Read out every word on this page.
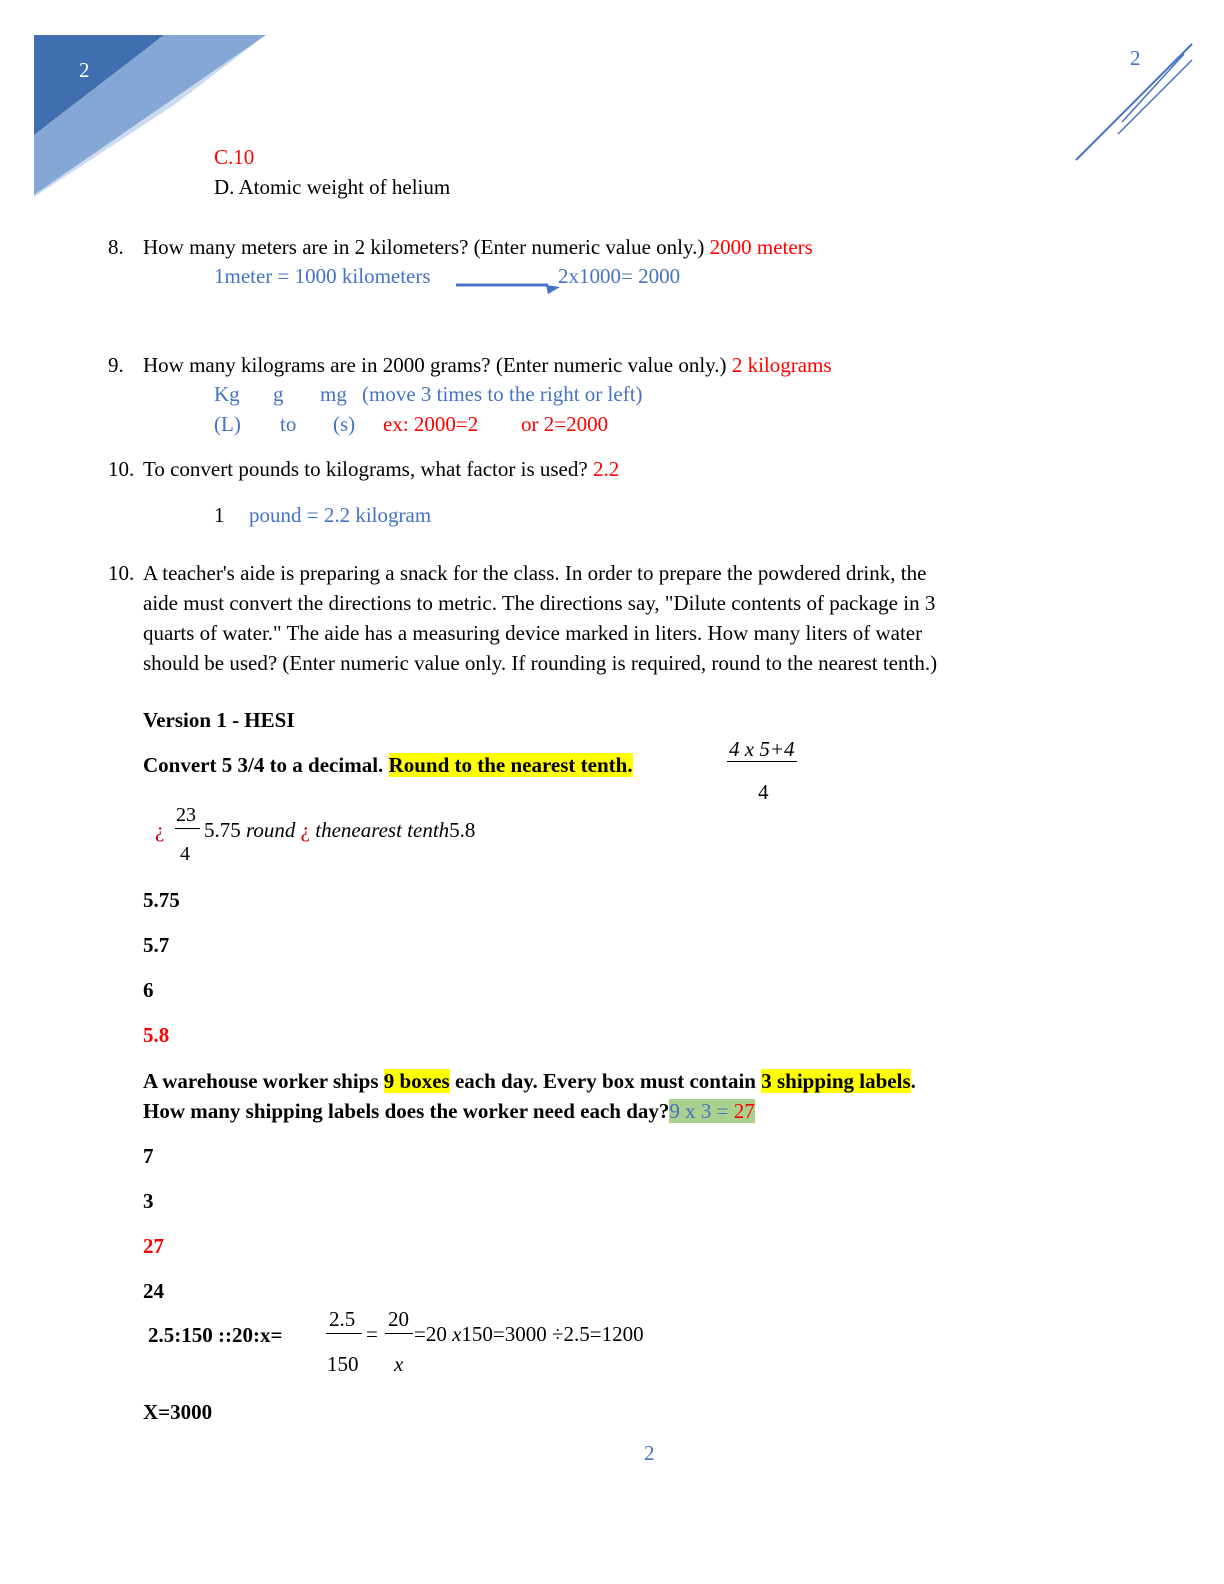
2	2
C.10
D. Atomic weight of helium
8. How many meters are in 2 kilometers? (Enter numeric value only.) 2000 meters
1meter = 1000 kilometers	2x1000= 2000
9. How many kilograms are in 2000 grams? (Enter numeric value only.) 2 kilograms
Kg g mg (move 3 times to the right or left)
(L) to (s) ex: 2000=2 or 2=2000
10. To convert pounds to kilograms, what factor is used? 2.2
1 pound = 2.2 kilogram
10. A teacher's aide is preparing a snack for the class. In order to prepare the powdered drink, the
aide must convert the directions to metric. The directions say, "Dilute contents of package in 3
quarts of water." The aide has a measuring device marked in liters. How many liters of water
should be used? (Enter numeric value only. If rounding is required, round to the nearest tenth.)
Version 1 - HESI
Convert 5 3/4 to a decimal. Round to the nearest tenth.
4 x 5+4
4
¿
23
4
5.75 round ¿ thenearest tenth5.8
5.75
5.7
6
5.8
A warehouse worker ships 9 boxes each day. Every box must contain 3 shipping labels.
How many shipping labels does the worker need each day?9 x 3 = 27
7
3
27
24
2.5:150 ::20:x=
2.5
150
=
20
x
=20 x150=3000 ÷2.5=1200
X=3000
2
